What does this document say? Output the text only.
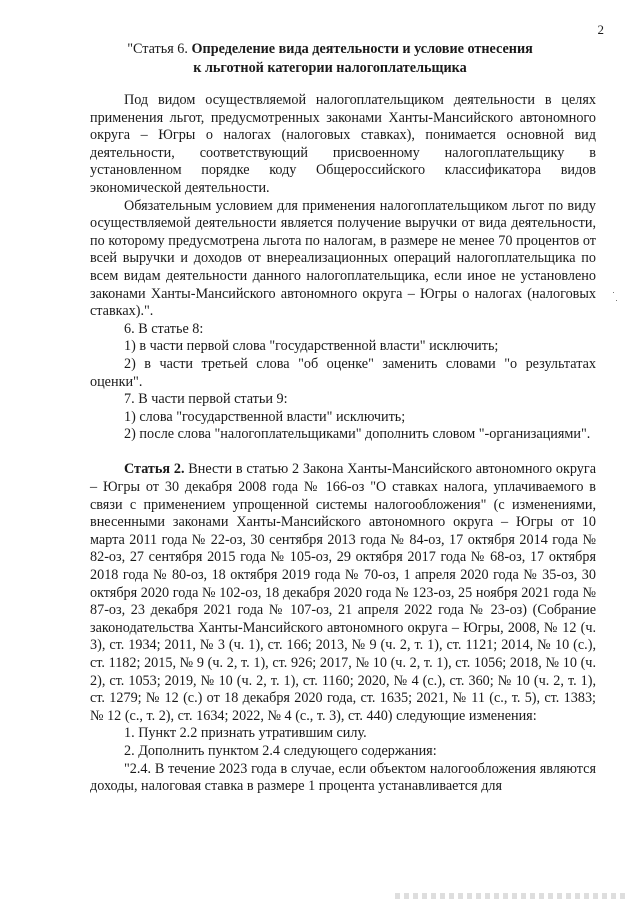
2
"Статья 6. Определение вида деятельности и условие отнесения
к льготной категории налогоплательщика

Под видом осуществляемой налогоплательщиком деятельности в целях применения льгот, предусмотренных законами Ханты-Мансийского автономного округа – Югры о налогах (налоговых ставках), понимается основной вид деятельности, соответствующий присвоенному налогоплательщику в установленном порядке коду Общероссийского классификатора видов экономической деятельности.

Обязательным условием для применения налогоплательщиком льгот по виду осуществляемой деятельности является получение выручки от вида деятельности, по которому предусмотрена льгота по налогам, в размере не менее 70 процентов от всей выручки и доходов от внереализационных операций налогоплательщика по всем видам деятельности данного налогоплательщика, если иное не установлено законами Ханты-Мансийского автономного округа – Югры о налогах (налоговых ставках).".

6. В статье 8:

1) в части первой слова "государственной власти" исключить;

2) в части третьей слова "об оценке" заменить словами "о результатах оценки".

7. В части первой статьи 9:

1) слова "государственной власти" исключить;

2) после слова "налогоплательщиками" дополнить словом "-организациями".

Статья 2. Внести в статью 2 Закона Ханты-Мансийского автономного округа – Югры от 30 декабря 2008 года № 166-оз "О ставках налога, уплачиваемого в связи с применением упрощенной системы налогообложения" (с изменениями, внесенными законами Ханты-Мансийского автономного округа – Югры от 10 марта 2011 года № 22-оз, 30 сентября 2013 года № 84-оз, 17 октября 2014 года № 82-оз, 27 сентября 2015 года № 105-оз, 29 октября 2017 года № 68-оз, 17 октября 2018 года № 80-оз, 18 октября 2019 года № 70-оз, 1 апреля 2020 года № 35-оз, 30 октября 2020 года № 102-оз, 18 декабря 2020 года № 123-оз, 25 ноября 2021 года № 87-оз, 23 декабря 2021 года № 107-оз, 21 апреля 2022 года № 23-оз) (Собрание законодательства Ханты-Мансийского автономного округа – Югры, 2008, № 12 (ч. 3), ст. 1934; 2011, № 3 (ч. 1), ст. 166; 2013, № 9 (ч. 2, т. 1), ст. 1121; 2014, № 10 (с.), ст. 1182; 2015, № 9 (ч. 2, т. 1), ст. 926; 2017, № 10 (ч. 2, т. 1), ст. 1056; 2018, № 10 (ч. 2), ст. 1053; 2019, № 10 (ч. 2, т. 1), ст. 1160; 2020, № 4 (с.), ст. 360; № 10 (ч. 2, т. 1), ст. 1279; № 12 (с.) от 18 декабря 2020 года, ст. 1635; 2021, № 11 (с., т. 5), ст. 1383; № 12 (с., т. 2), ст. 1634; 2022, № 4 (с., т. 3), ст. 440) следующие изменения:

1. Пункт 2.2 признать утратившим силу.

2. Дополнить пунктом 2.4 следующего содержания:

"2.4. В течение 2023 года в случае, если объектом налогообложения являются доходы, налоговая ставка в размере 1 процента устанавливается для
